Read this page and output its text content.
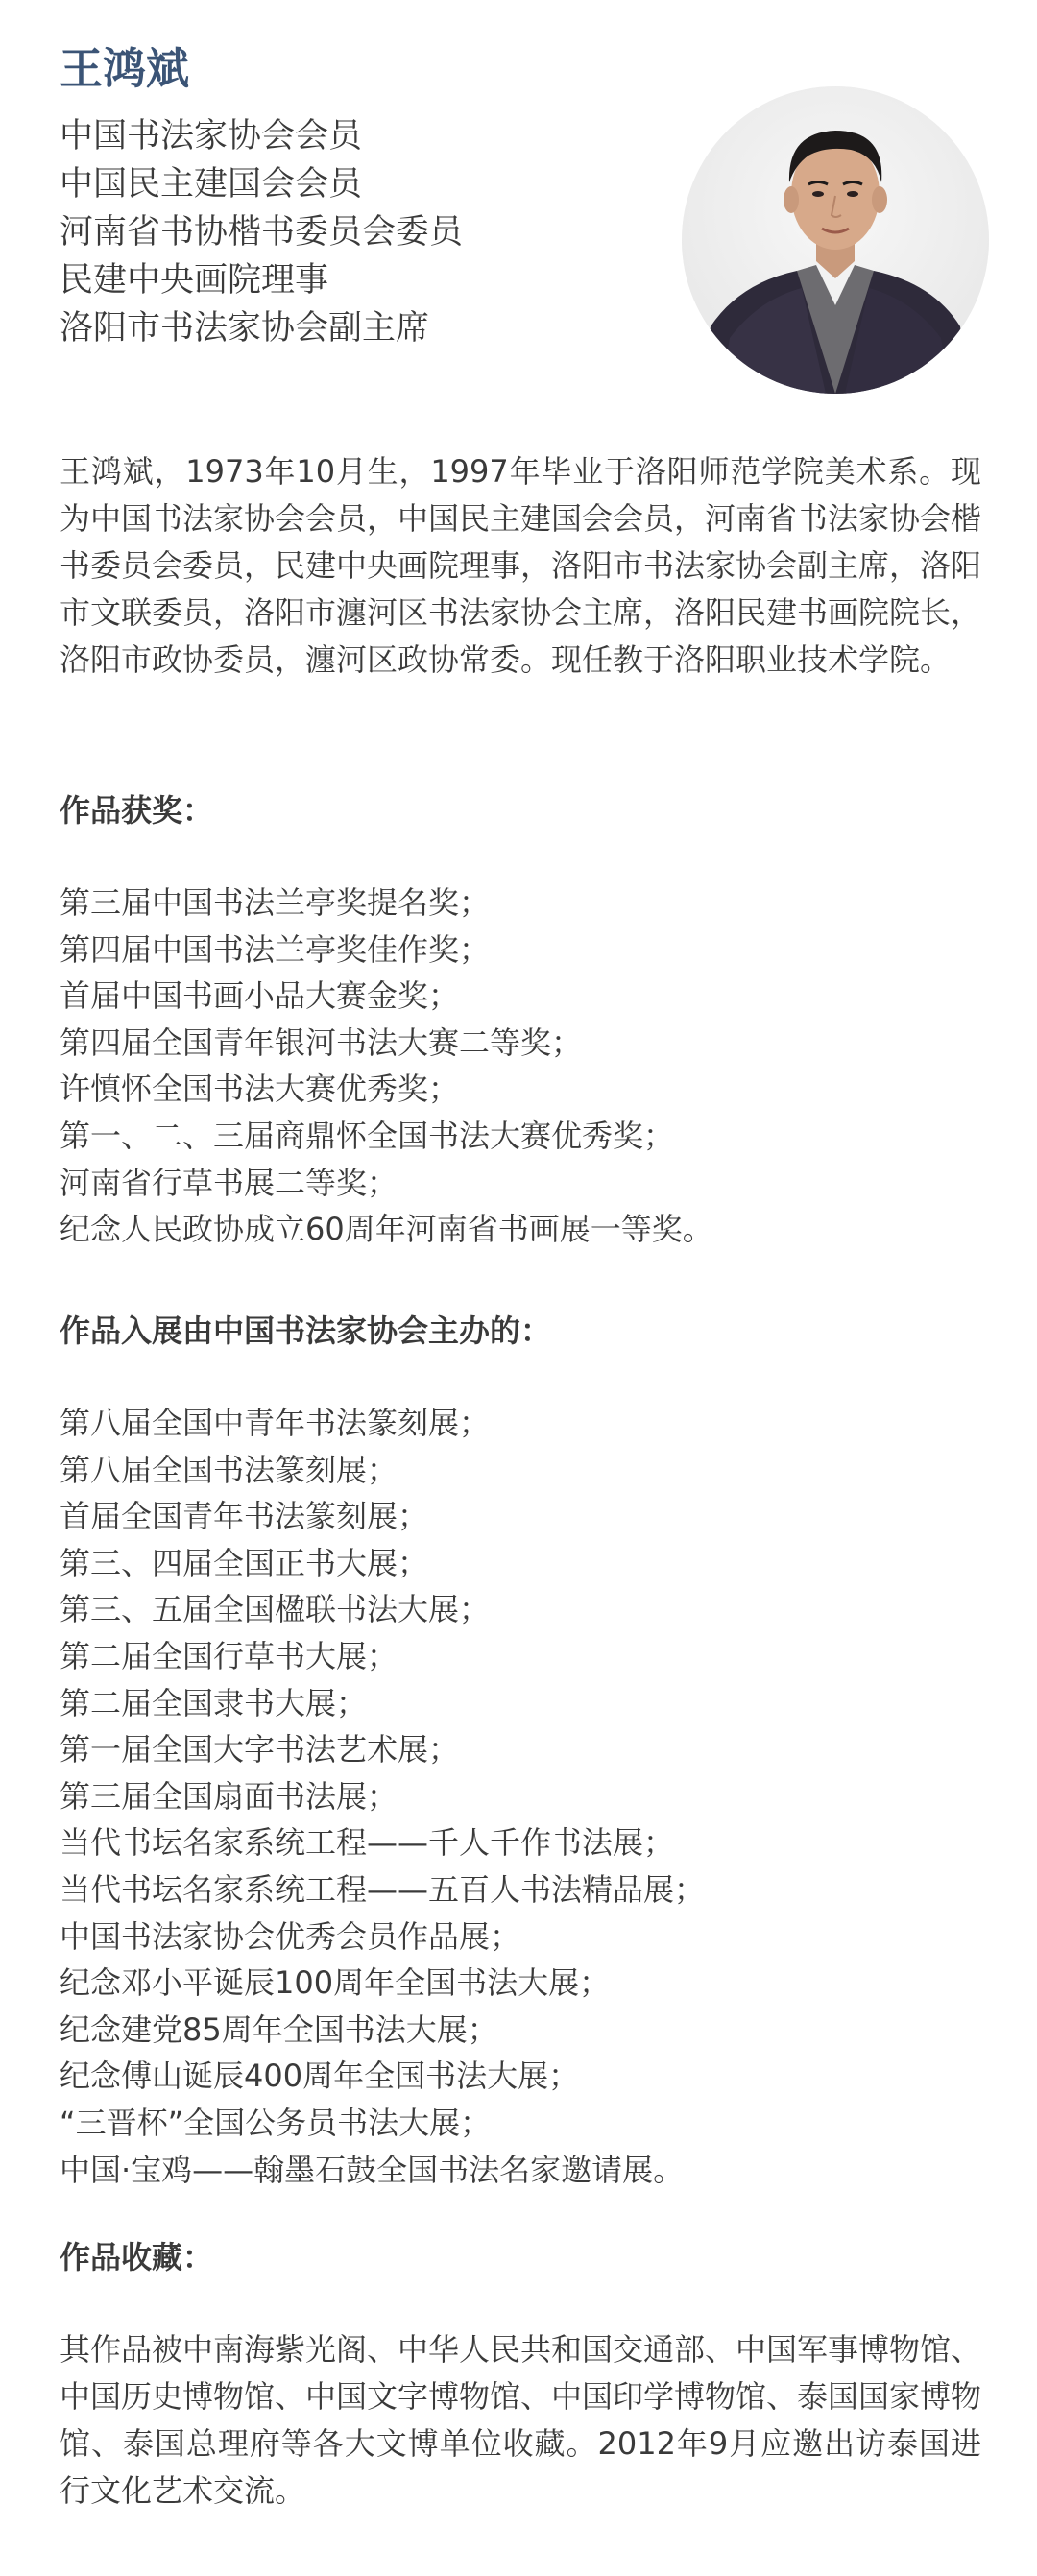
王鸿斌
中国书法家协会会员
中国民主建国会会员
河南省书协楷书委员会委员
民建中央画院理事
洛阳市书法家协会副主席

王鸿斌，1973年10月生，1997年毕业于洛阳师范学院美术系。现为中国书法家协会会员，中国民主建国会会员，河南省书法家协会楷书委员会委员，民建中央画院理事，洛阳市书法家协会副主席，洛阳市文联委员，洛阳市瀍河区书法家协会主席，洛阳民建书画院院长，洛阳市政协委员，瀍河区政协常委。现任教于洛阳职业技术学院。

作品获奖：
第三届中国书法兰亭奖提名奖；
第四届中国书法兰亭奖佳作奖；
首届中国书画小品大赛金奖；
第四届全国青年银河书法大赛二等奖；
许慎怀全国书法大赛优秀奖；
第一、二、三届商鼎怀全国书法大赛优秀奖；
河南省行草书展二等奖；
纪念人民政协成立60周年河南省书画展一等奖。
作品入展由中国书法家协会主办的：
第八届全国中青年书法篆刻展；
第八届全国书法篆刻展；
首届全国青年书法篆刻展；
第三、四届全国正书大展；
第三、五届全国楹联书法大展；
第二届全国行草书大展；
第二届全国隶书大展；
第一届全国大字书法艺术展；
第三届全国扇面书法展；
当代书坛名家系统工程——千人千作书法展；
当代书坛名家系统工程——五百人书法精品展；
中国书法家协会优秀会员作品展；
纪念邓小平诞辰100周年全国书法大展；
纪念建党85周年全国书法大展；
纪念傅山诞辰400周年全国书法大展；
“三晋杯”全国公务员书法大展；
中国·宝鸡——翰墨石鼓全国书法名家邀请展。
作品收藏：

其作品被中南海紫光阁、中华人民共和国交通部、中国军事博物馆、中国历史博物馆、中国文字博物馆、中国印学博物馆、泰国国家博物馆、泰国总理府等各大文博单位收藏。2012年9月应邀出访泰国进行文化艺术交流。
